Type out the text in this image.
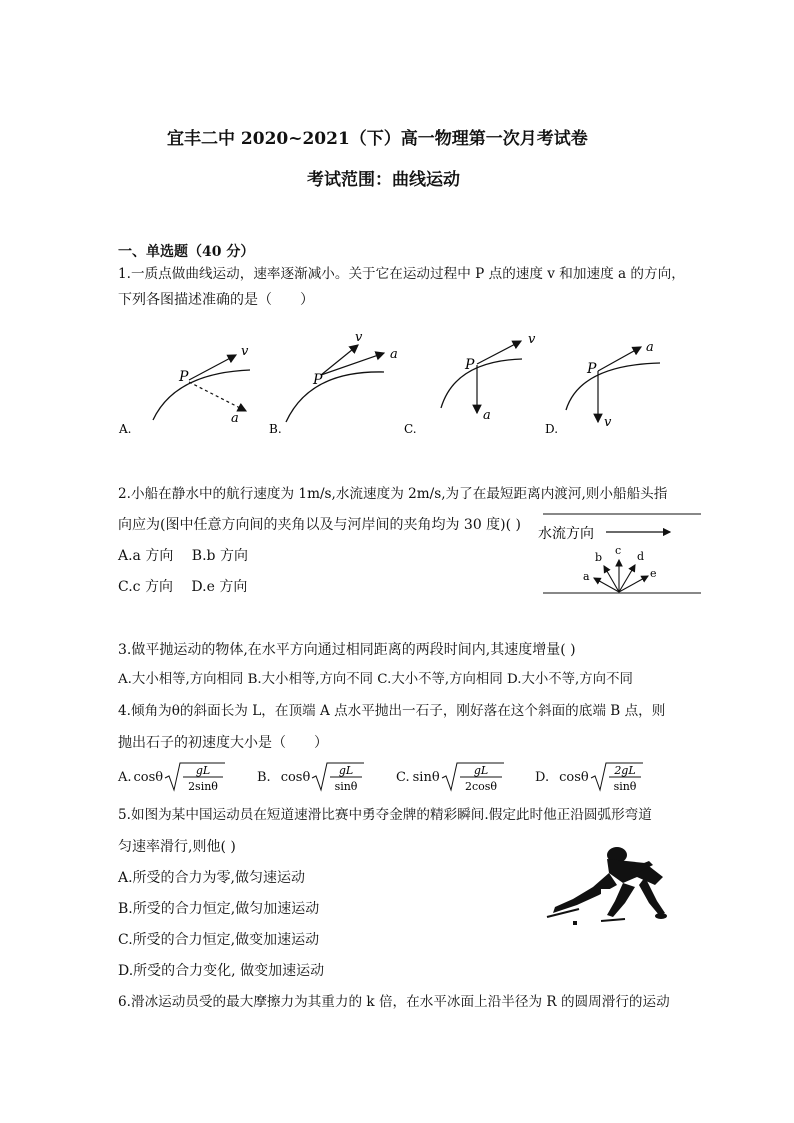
宜丰二中 2020~2021（下）高一物理第一次月考试卷
考试范围：曲线运动
一、单选题（40 分）
1.一质点做曲线运动，速率逐渐减小。关于它在运动过程中 P 点的速度 v 和加速度 a 的方向，
下列各图描述准确的是（　　）
P
v
a
A.
P
v
a
B.
P
v
a
C.
P
v
a
D.
2.小船在静水中的航行速度为 1m/s,水流速度为 2m/s,为了在最短距离内渡河,则小船船头指
向应为(图中任意方向间的夹角以及与河岸间的夹角均为 30 度)( )
A.a 方向　 B.b 方向
C.c 方向　 D.e 方向
水流方向
a
b
c d
e
3.做平抛运动的物体,在水平方向通过相同距离的两段时间内,其速度增量( )
A.大小相等,方向相同 B.大小相等,方向不同 C.大小不等,方向相同 D.大小不等,方向不同
4.倾角为θ的斜面长为 L，在顶端 A 点水平抛出一石子，刚好落在这个斜面的底端 B 点，则
抛出石子的初速度大小是（　　）
A. cosθ	gL
2sinθ
B. cosθ	gL
sinθ
C. sinθ	gL
2cosθ
D. cosθ 2gL
sinθ
5.如图为某中国运动员在短道速滑比赛中勇夺金牌的精彩瞬间.假定此时他正沿圆弧形弯道
匀速率滑行,则他( )
A.所受的合力为零,做匀速运动
B.所受的合力恒定,做匀加速运动
C.所受的合力恒定,做变加速运动
D.所受的合力变化, 做变加速运动
6.滑冰运动员受的最大摩擦力为其重力的 k 倍，在水平冰面上沿半径为 R 的圆周滑行的运动
